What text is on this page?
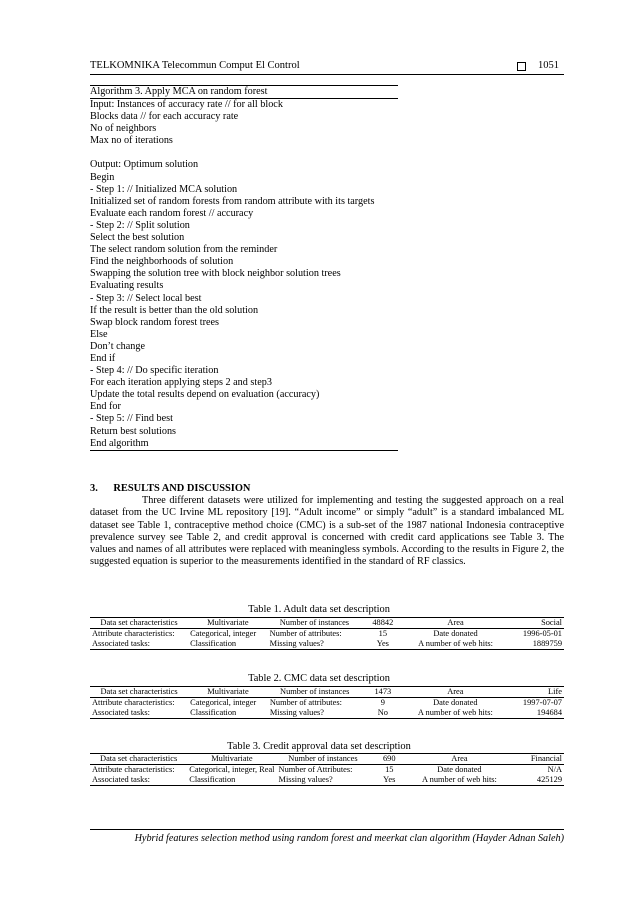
TELKOMNIKA Telecommun Comput El Control	1051
Algorithm 3. Apply MCA on random forest
Input: Instances of accuracy rate // for all block
Blocks data // for each accuracy rate
No of neighbors
Max no of iterations
Output: Optimum solution
Begin
- Step 1: // Initialized MCA solution
Initialized set of random forests from random attribute with its targets
Evaluate each random forest // accuracy
- Step 2: // Split solution
Select the best solution
The select random solution from the reminder
Find the neighborhoods of solution
Swapping the solution tree with block neighbor solution trees
Evaluating results
- Step 3: // Select local best
If the result is better than the old solution
Swap block random forest trees
Else
Don’t change
End if
- Step 4: // Do specific iteration
For each iteration applying steps 2 and step3
Update the total results depend on evaluation (accuracy)
End for
- Step 5: // Find best
Return best solutions
End algorithm
3.      RESULTS AND DISCUSSION
Three different datasets were utilized for implementing and testing the suggested approach on a real dataset from the UC Irvine ML repository [19]. “Adult income” or simply “adult” is a standard imbalanced ML dataset see Table 1, contraceptive method choice (CMC) is a sub-set of the 1987 national Indonesia contraceptive prevalence survey see Table 2, and credit approval is concerned with credit card applications see Table 3. The values and names of all attributes were replaced with meaningless symbols. According to the results in Figure 2, the suggested equation is superior to the measurements identified in the standard of RF classics.
Table 1. Adult data set description
Data set characteristics	Multivariate	Number of instances	48842	Area	Social
Attribute characteristics:	Categorical, integer	Number of attributes:	15	Date donated	1996-05-01
Associated tasks:	Classification	Missing values?	Yes	A number of web hits:	1889759
Table 2. CMC data set description
Data set characteristics	Multivariate	Number of instances	1473	Area	Life
Attribute characteristics:	Categorical, integer	Number of attributes:	9	Date donated	1997-07-07
Associated tasks:	Classification	Missing values?	No	A number of web hits:	194684
Table 3. Credit approval data set description
Data set characteristics	Multivariate	Number of instances	690	Area	Financial
Attribute characteristics:	Categorical, integer, Real	Number of Attributes:	15	Date donated	N/A
Associated tasks:	Classification	Missing values?	Yes	A number of web hits:	425129
Hybrid features selection method using random forest and meerkat clan algorithm (Hayder Adnan Saleh)
